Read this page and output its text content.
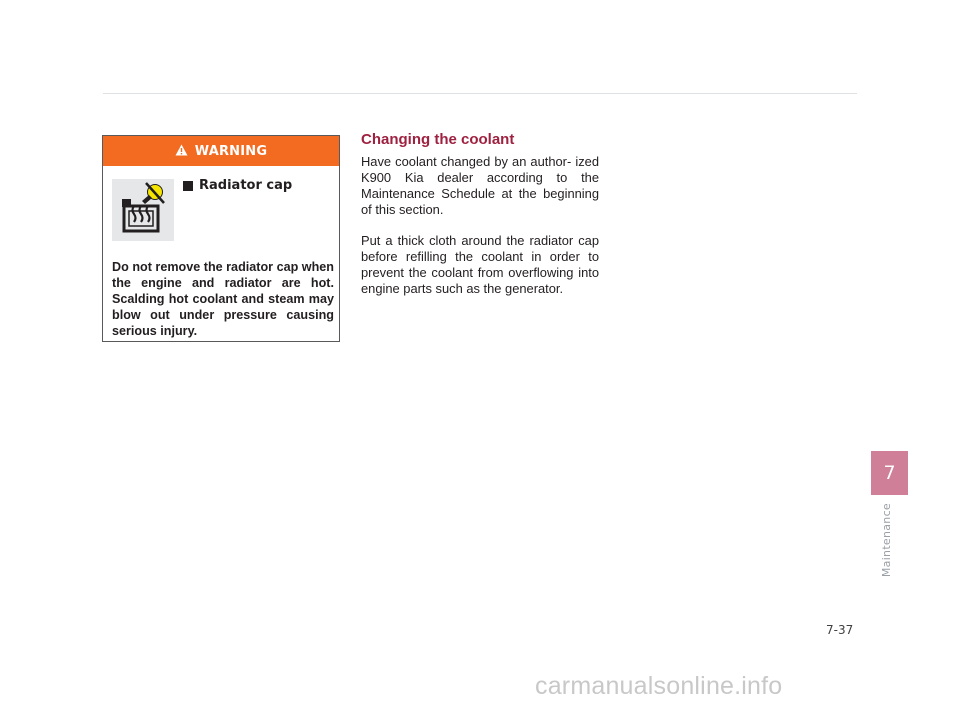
WARNING
Radiator cap

Do not remove the radiator cap when the engine and radiator are hot. Scalding hot coolant and steam may blow out under pressure causing serious injury.

Changing the coolant

Have coolant changed by an author- ized K900 Kia dealer according to the Maintenance Schedule at the beginning of this section.

Put a thick cloth around the radiator cap before refilling the coolant in order to prevent the coolant from overflowing into engine parts such as the generator.

7
Maintenance
7-37
carmanualsonline.info
